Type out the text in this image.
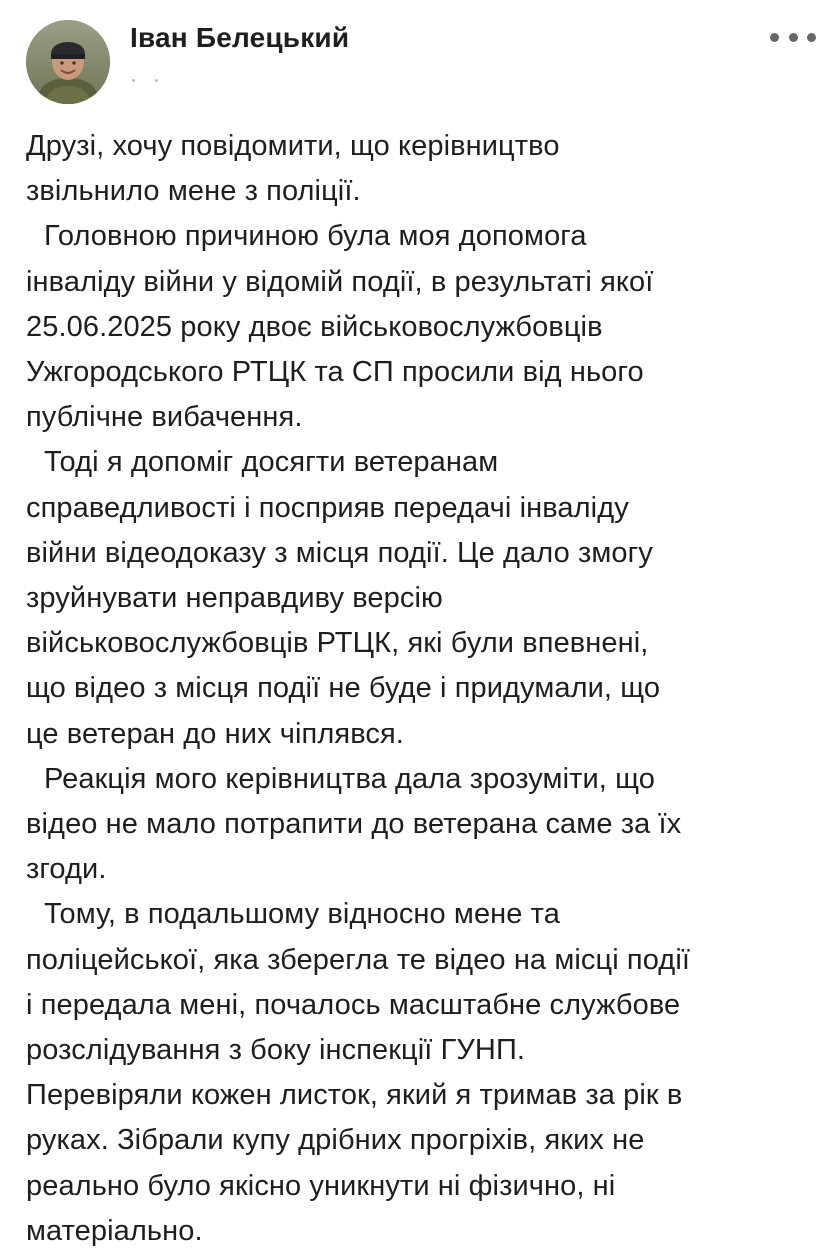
Іван Белецький

Друзі, хочу повідомити, що керівництво
звільнило мене з поліції.

Головною причиною була моя допомога
інваліду війни у відомій події, в результаті якої
25.06.2025 року двоє військовослужбовців
Ужгородського РТЦК та СП просили від нього
публічне вибачення.

Тоді я допоміг досягти ветеранам
справедливості і посприяв передачі інваліду
війни відеодоказу з місця події. Це дало змогу
зруйнувати неправдиву версію
військовослужбовців РТЦК, які були впевнені,
що відео з місця події не буде і придумали, що
це ветеран до них чіплявся.

Реакція мого керівництва дала зрозуміти, що
відео не мало потрапити до ветерана саме за їх
згоди.

Тому, в подальшому відносно мене та
поліцейської, яка зберегла те відео на місці події
і передала мені, почалось масштабне службове
розслідування з боку інспекції ГУНП.
Перевіряли кожен листок, який я тримав за рік в
руках. Зібрали купу дрібних прогріхів, яких не
реально було якісно уникнути ні фізично, ні
матеріально.
